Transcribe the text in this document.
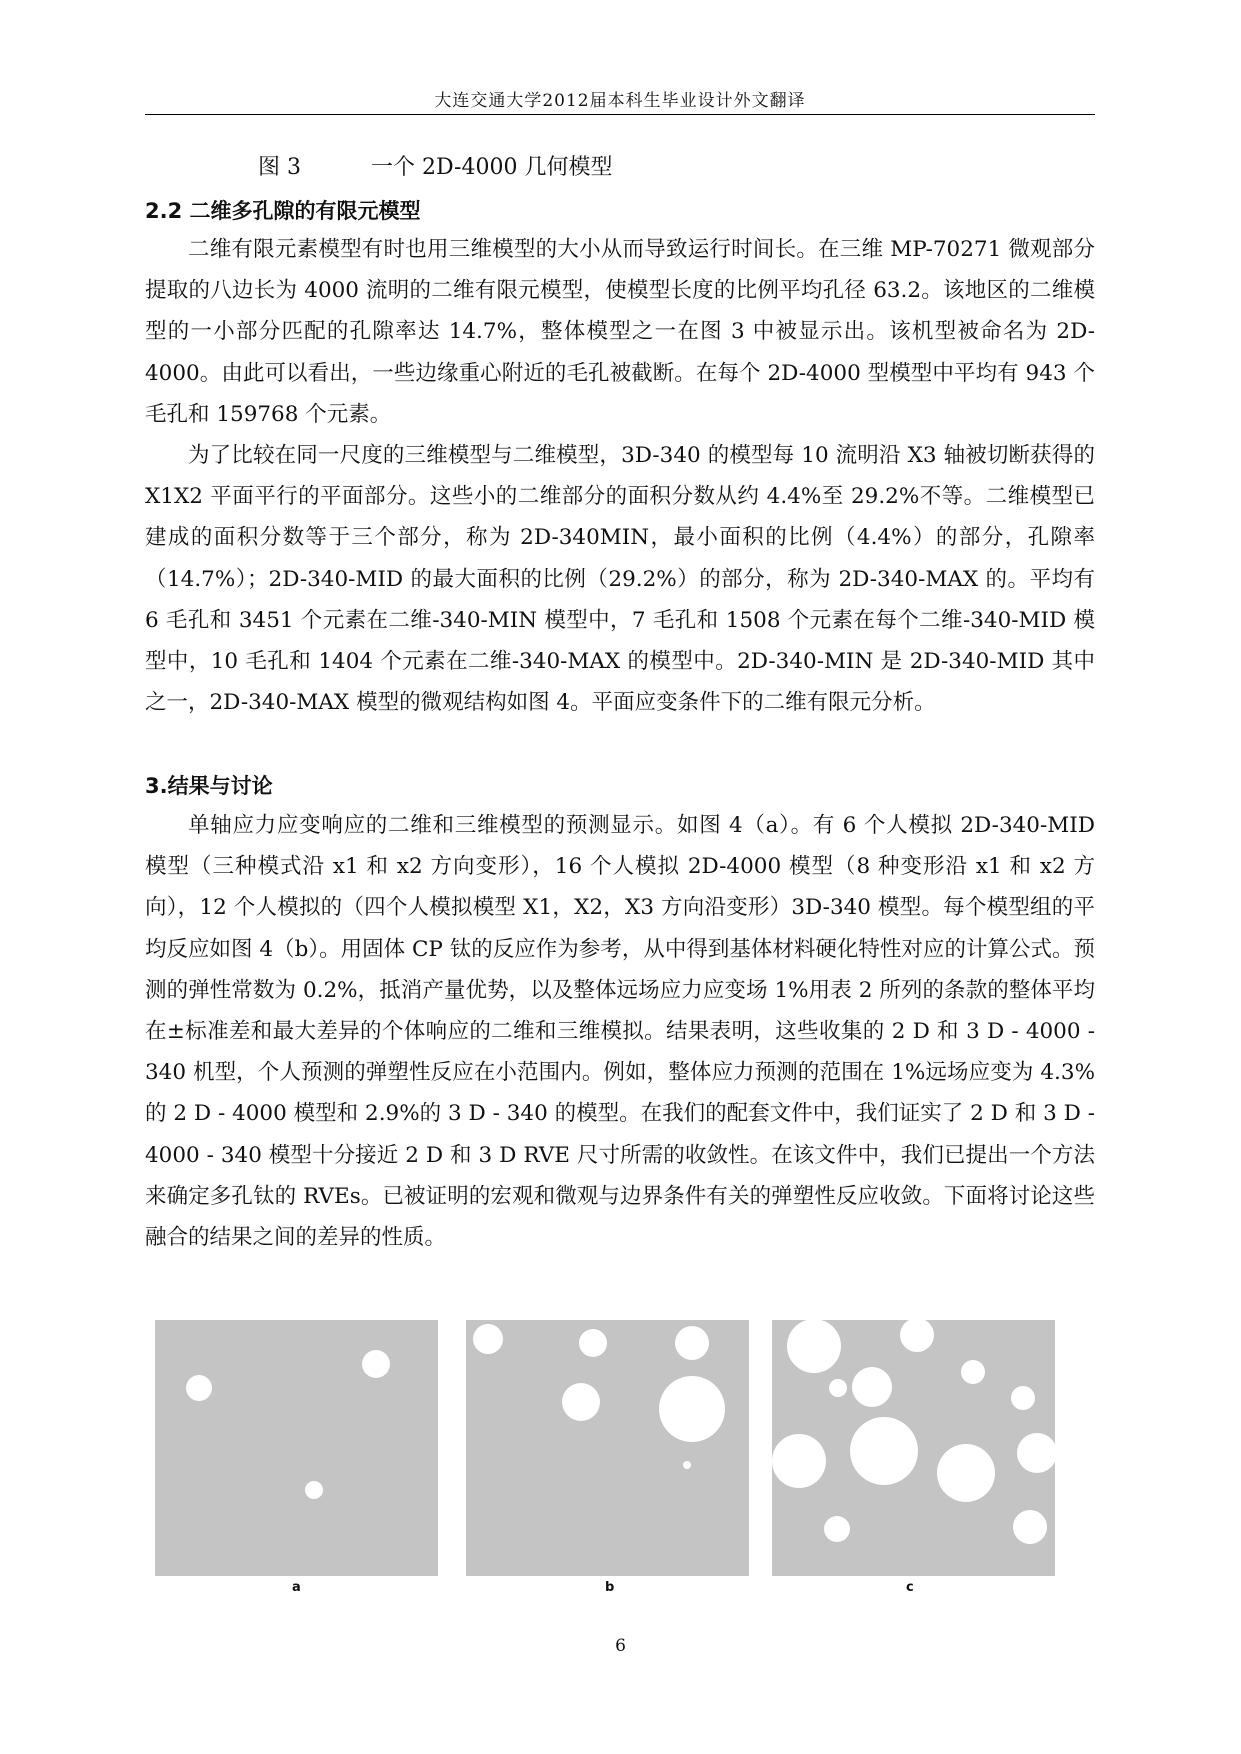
大连交通大学2012届本科生毕业设计外文翻译
图 3	一个 2D-4000 几何模型
2.2 二维多孔隙的有限元模型

二维有限元素模型有时也用三维模型的大小从而导致运行时间长。在三维 MP-70271 微观部分提取的八边长为 4000 流明的二维有限元模型，使模型长度的比例平均孔径 63.2。该地区的二维模型的一小部分匹配的孔隙率达 14.7%，整体模型之一在图 3 中被显示出。该机型被命名为 2D-4000。由此可以看出，一些边缘重心附近的毛孔被截断。在每个 2D-4000 型模型中平均有 943 个毛孔和 159768 个元素。

为了比较在同一尺度的三维模型与二维模型，3D-340 的模型每 10 流明沿 X3 轴被切断获得的 X1X2 平面平行的平面部分。这些小的二维部分的面积分数从约 4.4%至 29.2%不等。二维模型已建成的面积分数等于三个部分，称为 2D-340MIN，最小面积的比例（4.4%）的部分，孔隙率（14.7%）；2D-340-MID 的最大面积的比例（29.2%）的部分，称为 2D-340-MAX 的。平均有 6 毛孔和 3451 个元素在二维-340-MIN 模型中，7 毛孔和 1508 个元素在每个二维-340-MID 模型中，10 毛孔和 1404 个元素在二维-340-MAX 的模型中。2D-340-MIN 是 2D-340-MID 其中之一，2D-340-MAX 模型的微观结构如图 4。平面应变条件下的二维有限元分析。

3.结果与讨论

单轴应力应变响应的二维和三维模型的预测显示。如图 4（a）。有 6 个人模拟 2D-340-MID 模型（三种模式沿 x1 和 x2 方向变形），16 个人模拟 2D-4000 模型（8 种变形沿 x1 和 x2 方向），12 个人模拟的（四个人模拟模型 X1，X2，X3 方向沿变形）3D-340 模型。每个模型组的平均反应如图 4（b）。用固体 CP 钛的反应作为参考，从中得到基体材料硬化特性对应的计算公式。预测的弹性常数为 0.2%，抵消产量优势，以及整体远场应力应变场 1%用表 2 所列的条款的整体平均在±标准差和最大差异的个体响应的二维和三维模拟。结果表明，这些收集的 2 D 和 3 D - 4000 - 340 机型，个人预测的弹塑性反应在小范围内。例如，整体应力预测的范围在 1%远场应变为 4.3%的 2 D - 4000 模型和 2.9%的 3 D - 340 的模型。在我们的配套文件中，我们证实了 2 D 和 3 D - 4000 - 340 模型十分接近 2 D 和 3 D RVE 尺寸所需的收敛性。在该文件中，我们已提出一个方法来确定多孔钛的 RVEs。已被证明的宏观和微观与边界条件有关的弹塑性反应收敛。下面将讨论这些融合的结果之间的差异的性质。

a	b	c
6
